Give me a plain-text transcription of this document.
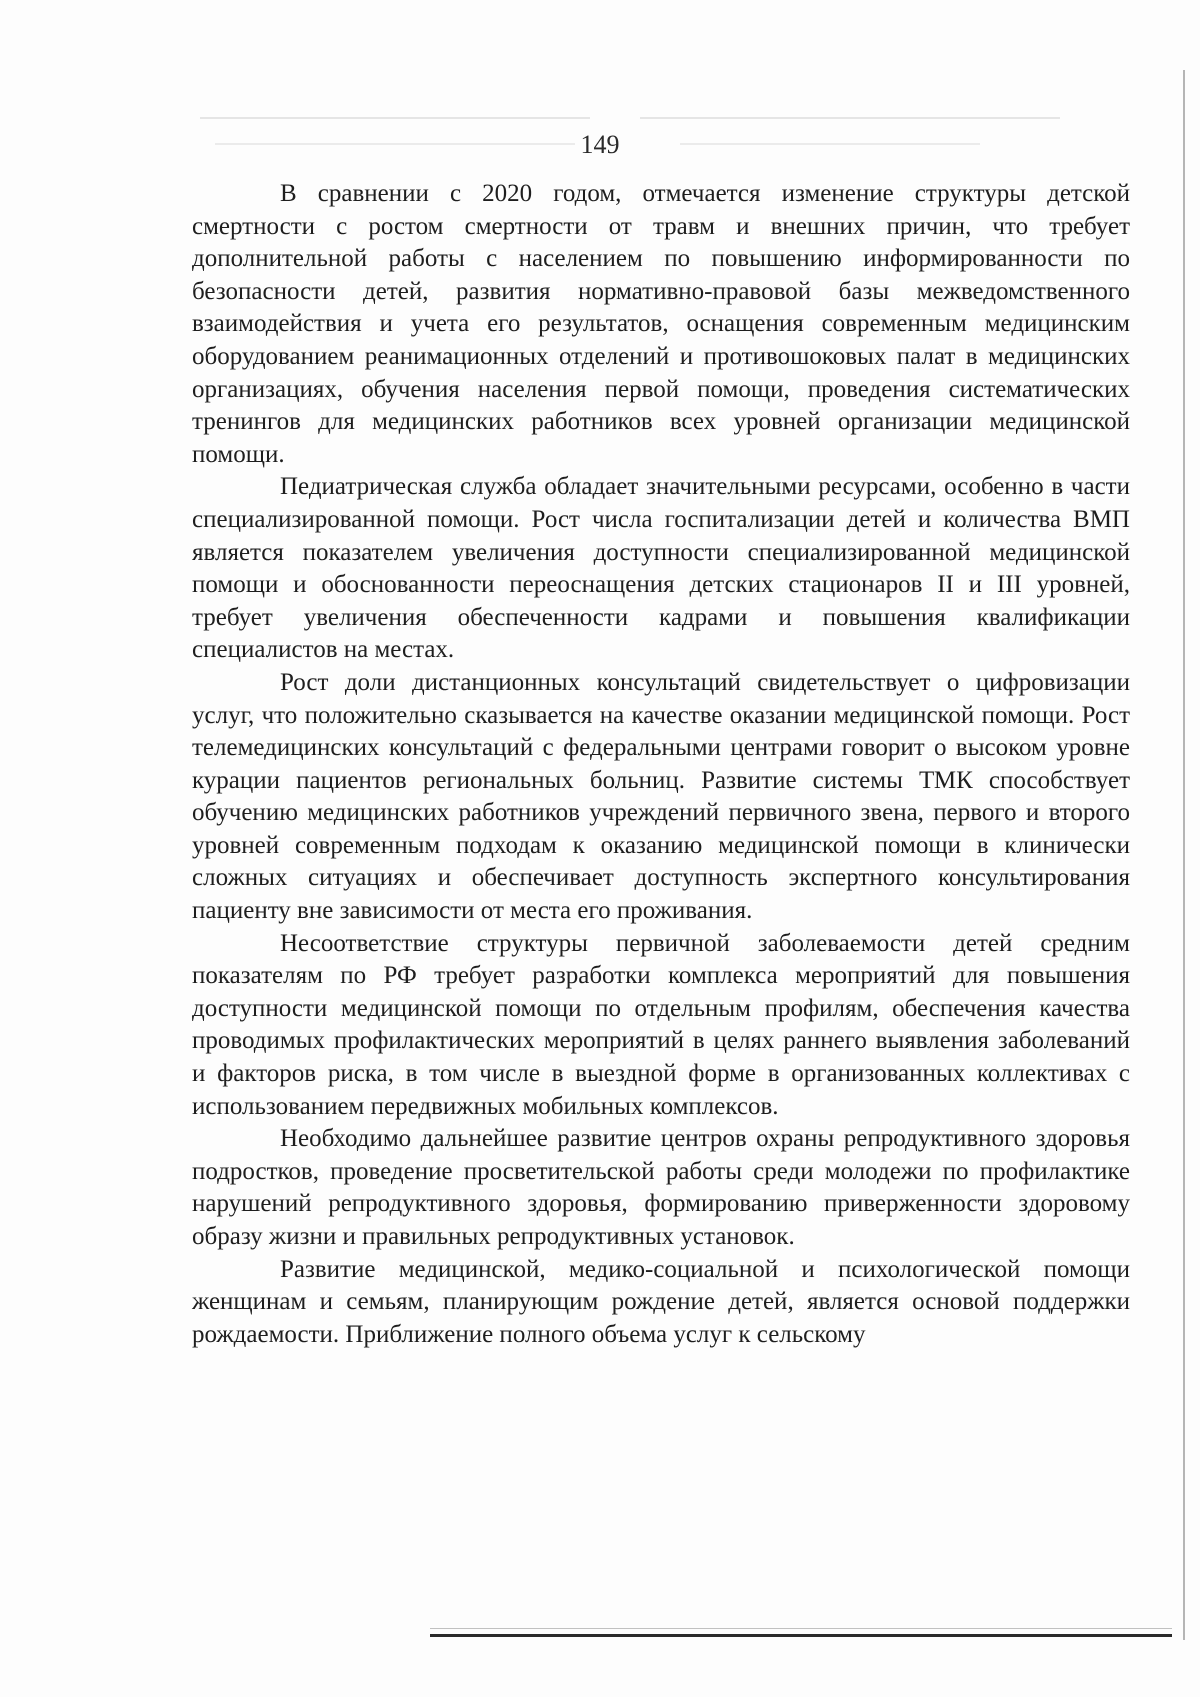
149

В сравнении с 2020 годом, отмечается изменение структуры детской смертности с ростом смертности от травм и внешних причин, что требует дополнительной работы с населением по повышению информированности по безопасности детей, развития нормативно-правовой базы межведомственного взаимодействия и учета его результатов, оснащения современным медицинским оборудованием реанимационных отделений и противошоковых палат в медицинских организациях, обучения населения первой помощи, проведения систематических тренингов для медицинских работников всех уровней организации медицинской помощи.

Педиатрическая служба обладает значительными ресурсами, особенно в части специализированной помощи. Рост числа госпитализации детей и количества ВМП является показателем увеличения доступности специализированной медицинской помощи и обоснованности переоснащения детских стационаров II и III уровней, требует увеличения обеспеченности кадрами и повышения квалификации специалистов на местах.

Рост доли дистанционных консультаций свидетельствует о цифровизации услуг, что положительно сказывается на качестве оказании медицинской помощи. Рост телемедицинских консультаций с федеральными центрами говорит о высоком уровне курации пациентов региональных больниц. Развитие системы ТМК способствует обучению медицинских работников учреждений первичного звена, первого и второго уровней современным подходам к оказанию медицинской помощи в клинически сложных ситуациях и обеспечивает доступность экспертного консультирования пациенту вне зависимости от места его проживания.

Несоответствие структуры первичной заболеваемости детей средним показателям по РФ требует разработки комплекса мероприятий для повышения доступности медицинской помощи по отдельным профилям, обеспечения качества проводимых профилактических мероприятий в целях раннего выявления заболеваний и факторов риска, в том числе в выездной форме в организованных коллективах с использованием передвижных мобильных комплексов.

Необходимо дальнейшее развитие центров охраны репродуктивного здоровья подростков, проведение просветительской работы среди молодежи по профилактике нарушений репродуктивного здоровья, формированию приверженности здоровому образу жизни и правильных репродуктивных установок.

Развитие медицинской, медико-социальной и психологической помощи женщинам и семьям, планирующим рождение детей, является основой поддержки рождаемости. Приближение полного объема услуг к сельскому
